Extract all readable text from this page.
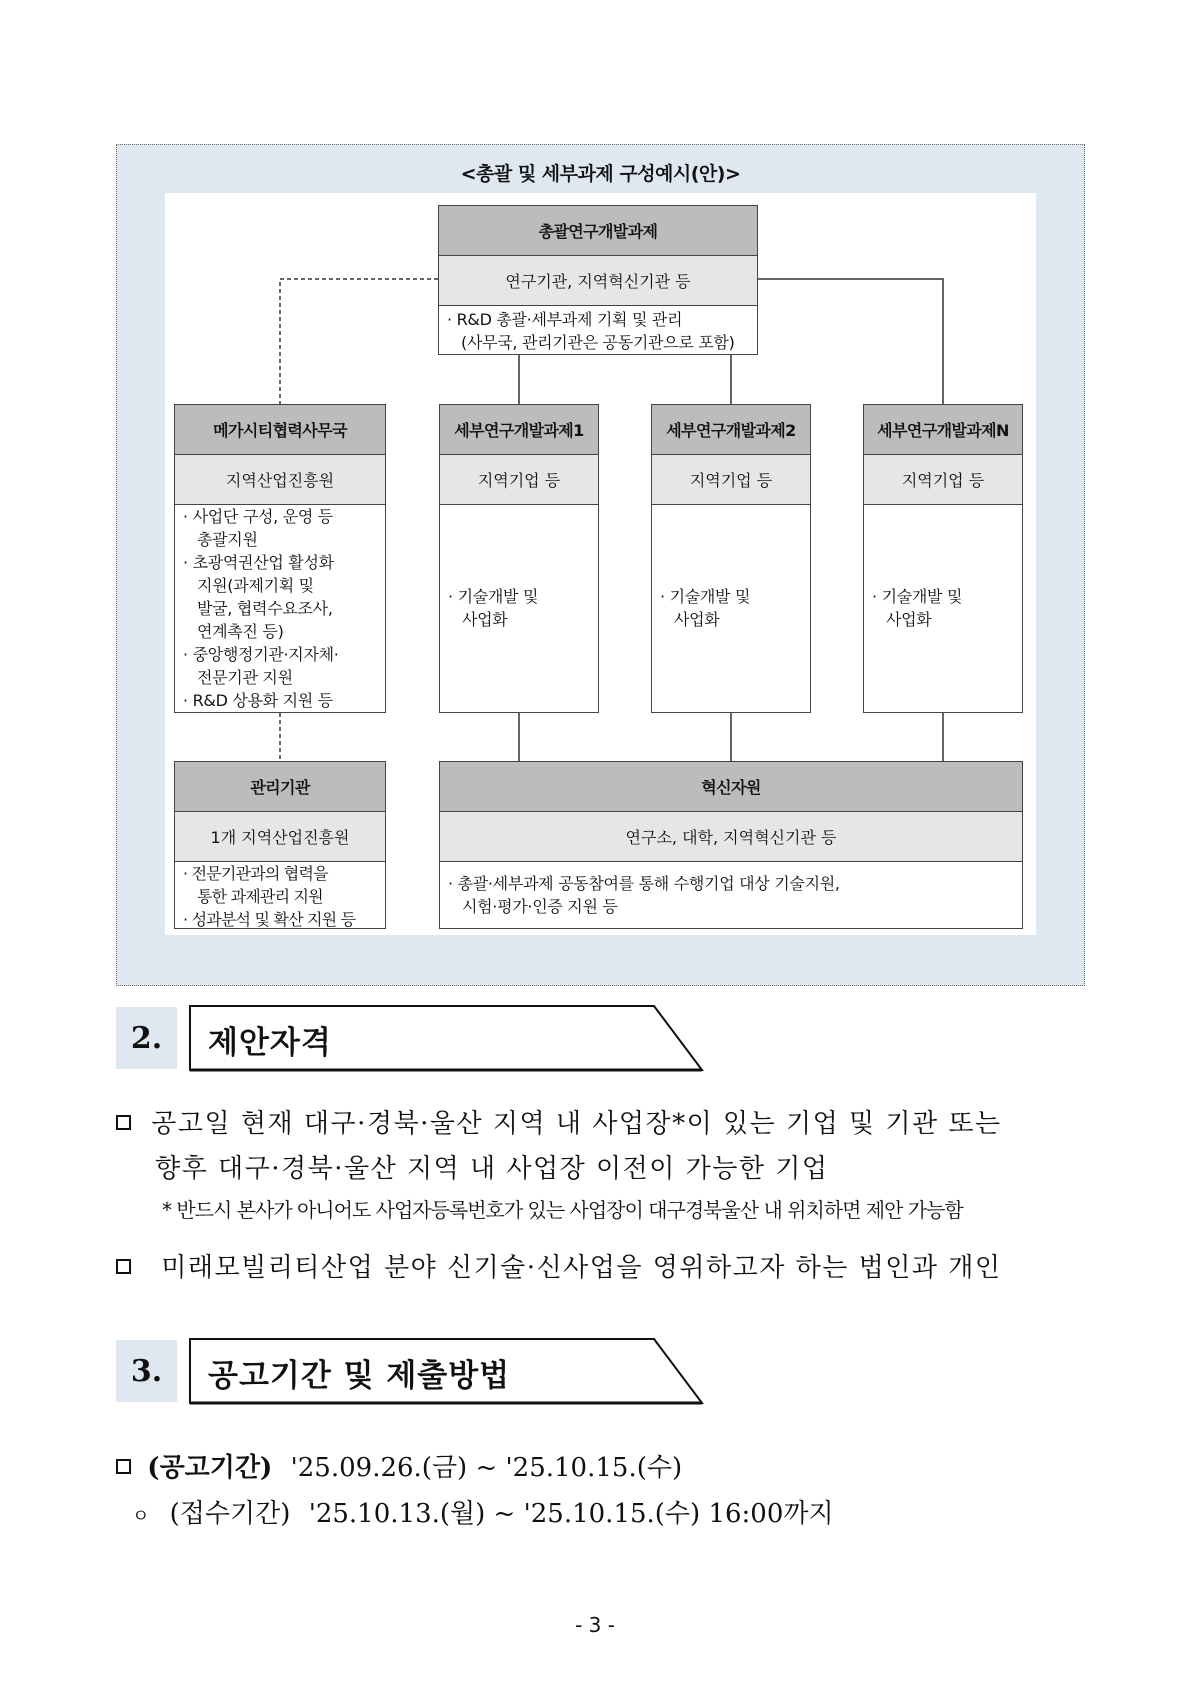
<총괄 및 세부과제 구성예시(안)>
총괄연구개발과제
연구기관, 지역혁신기관 등
· R&D 총괄·세부과제 기획 및 관리
(사무국, 관리기관은 공동기관으로 포함)
메가시티협력사무국
지역산업진흥원
· 사업단 구성, 운영 등
총괄지원
· 초광역권산업 활성화
지원(과제기획 및
발굴, 협력수요조사,
연계촉진 등)
· 중앙행정기관·지자체·
전문기관 지원
· R&D 상용화 지원 등
세부연구개발과제1
지역기업 등
· 기술개발 및
사업화
세부연구개발과제2
지역기업 등
· 기술개발 및
사업화
세부연구개발과제N
지역기업 등
· 기술개발 및
사업화
관리기관
1개 지역산업진흥원
· 전문기관과의 협력을
통한 과제관리 지원
· 성과분석 및 확산 지원 등
혁신자원
연구소, 대학, 지역혁신기관 등
· 총괄·세부과제 공동참여를 통해 수행기업 대상 기술지원,
시험·평가·인증 지원 등
2.	제안자격
공고일 현재 대구·경북·울산 지역 내 사업장*이 있는 기업 및 기관 또는
향후 대구·경북·울산 지역 내 사업장 이전이 가능한 기업
* 반드시 본사가 아니어도 사업자등록번호가 있는 사업장이 대구경북울산 내 위치하면 제안 가능함
미래모빌리티산업 분야 신기술·신사업을 영위하고자 하는 법인과 개인
3.	공고기간 및 제출방법
(공고기간) '25.09.26.(금) ~ '25.10.15.(수)
ㅇ (접수기간) '25.10.13.(월) ~ '25.10.15.(수) 16:00까지
- 3 -
